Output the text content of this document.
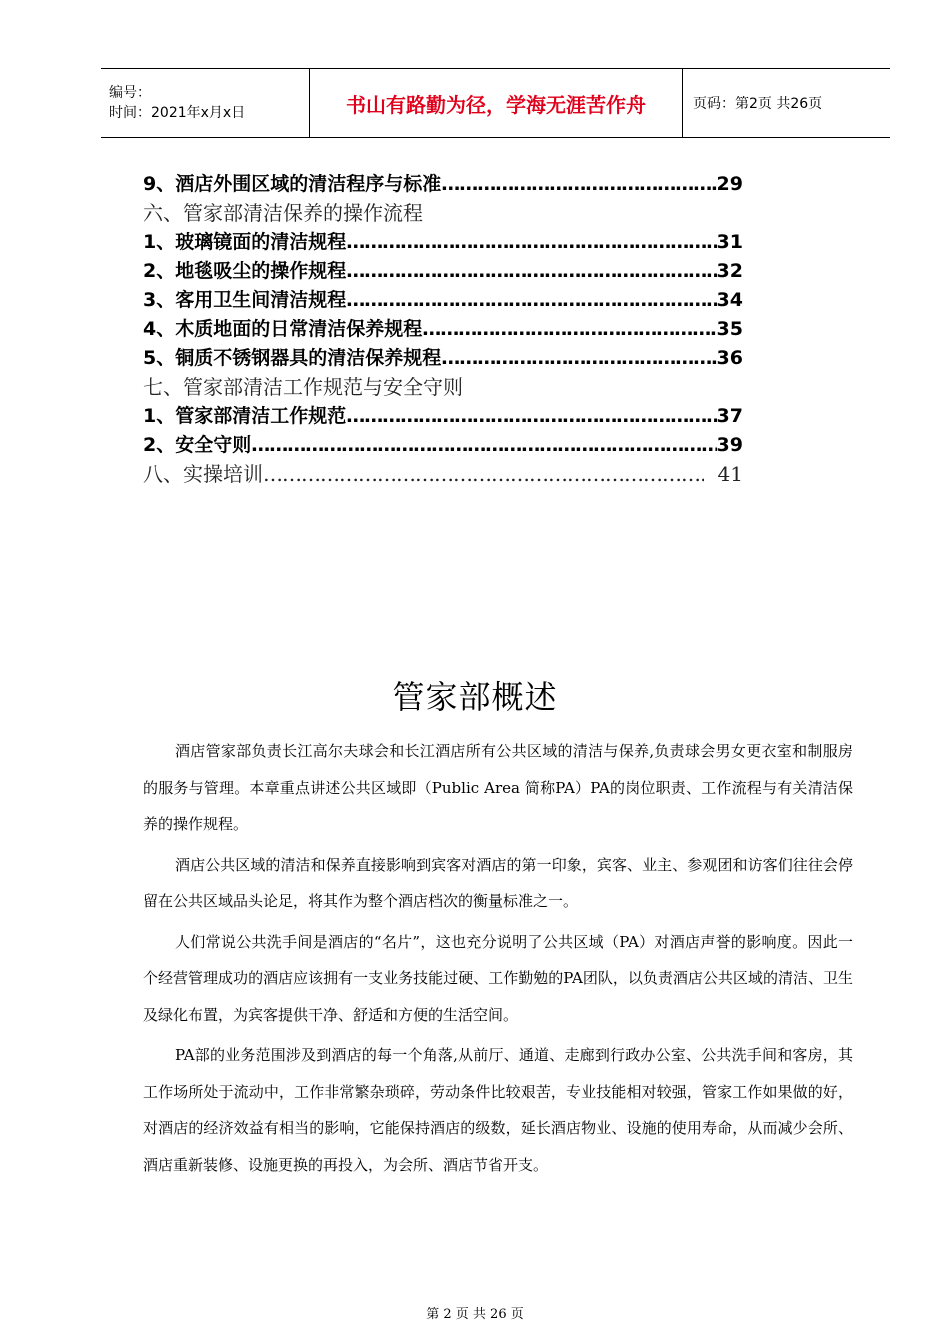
编号：
时间：2021年x月x日	书山有路勤为径，学海无涯苦作舟	页码：第2页 共26页
9、酒店外围区域的清洁程序与标准 ………………………………………………………………………………	29
六、管家部清洁保养的操作流程
1、玻璃镜面的清洁规程 ………………………………………………………………………………	31
2、地毯吸尘的操作规程 ………………………………………………………………………………	32
3、客用卫生间清洁规程 ………………………………………………………………………………	34
4、木质地面的日常清洁保养规程 ………………………………………………………………………………	35
5、铜质不锈钢器具的清洁保养规程 ………………………………………………………………………………	36
七、管家部清洁工作规范与安全守则
1、管家部清洁工作规范 ………………………………………………………………………………	37
2、安全守则 ………………………………………………………………………………	39
八、实操培训 ………………………………………………………………………………	41
管家部概述

酒店管家部负责长江高尔夫球会和长江酒店所有公共区域的清洁与保养,负责球会男女更衣室和制服房的服务与管理。本章重点讲述公共区域即（Public Area 简称PA）PA的岗位职责、工作流程与有关清洁保养的操作规程。

酒店公共区域的清洁和保养直接影响到宾客对酒店的第一印象，宾客、业主、参观团和访客们往往会停留在公共区域品头论足，将其作为整个酒店档次的衡量标准之一。

人们常说公共洗手间是酒店的“名片”，这也充分说明了公共区域（PA）对酒店声誉的影响度。因此一个经营管理成功的酒店应该拥有一支业务技能过硬、工作勤勉的PA团队，以负责酒店公共区域的清洁、卫生及绿化布置，为宾客提供干净、舒适和方便的生活空间。

PA部的业务范围涉及到酒店的每一个角落,从前厅、通道、走廊到行政办公室、公共洗手间和客房，其工作场所处于流动中，工作非常繁杂琐碎，劳动条件比较艰苦，专业技能相对较强，管家工作如果做的好，对酒店的经济效益有相当的影响，它能保持酒店的级数，延长酒店物业、设施的使用寿命，从而减少会所、酒店重新装修、设施更换的再投入，为会所、酒店节省开支。

第 2 页 共 26 页
